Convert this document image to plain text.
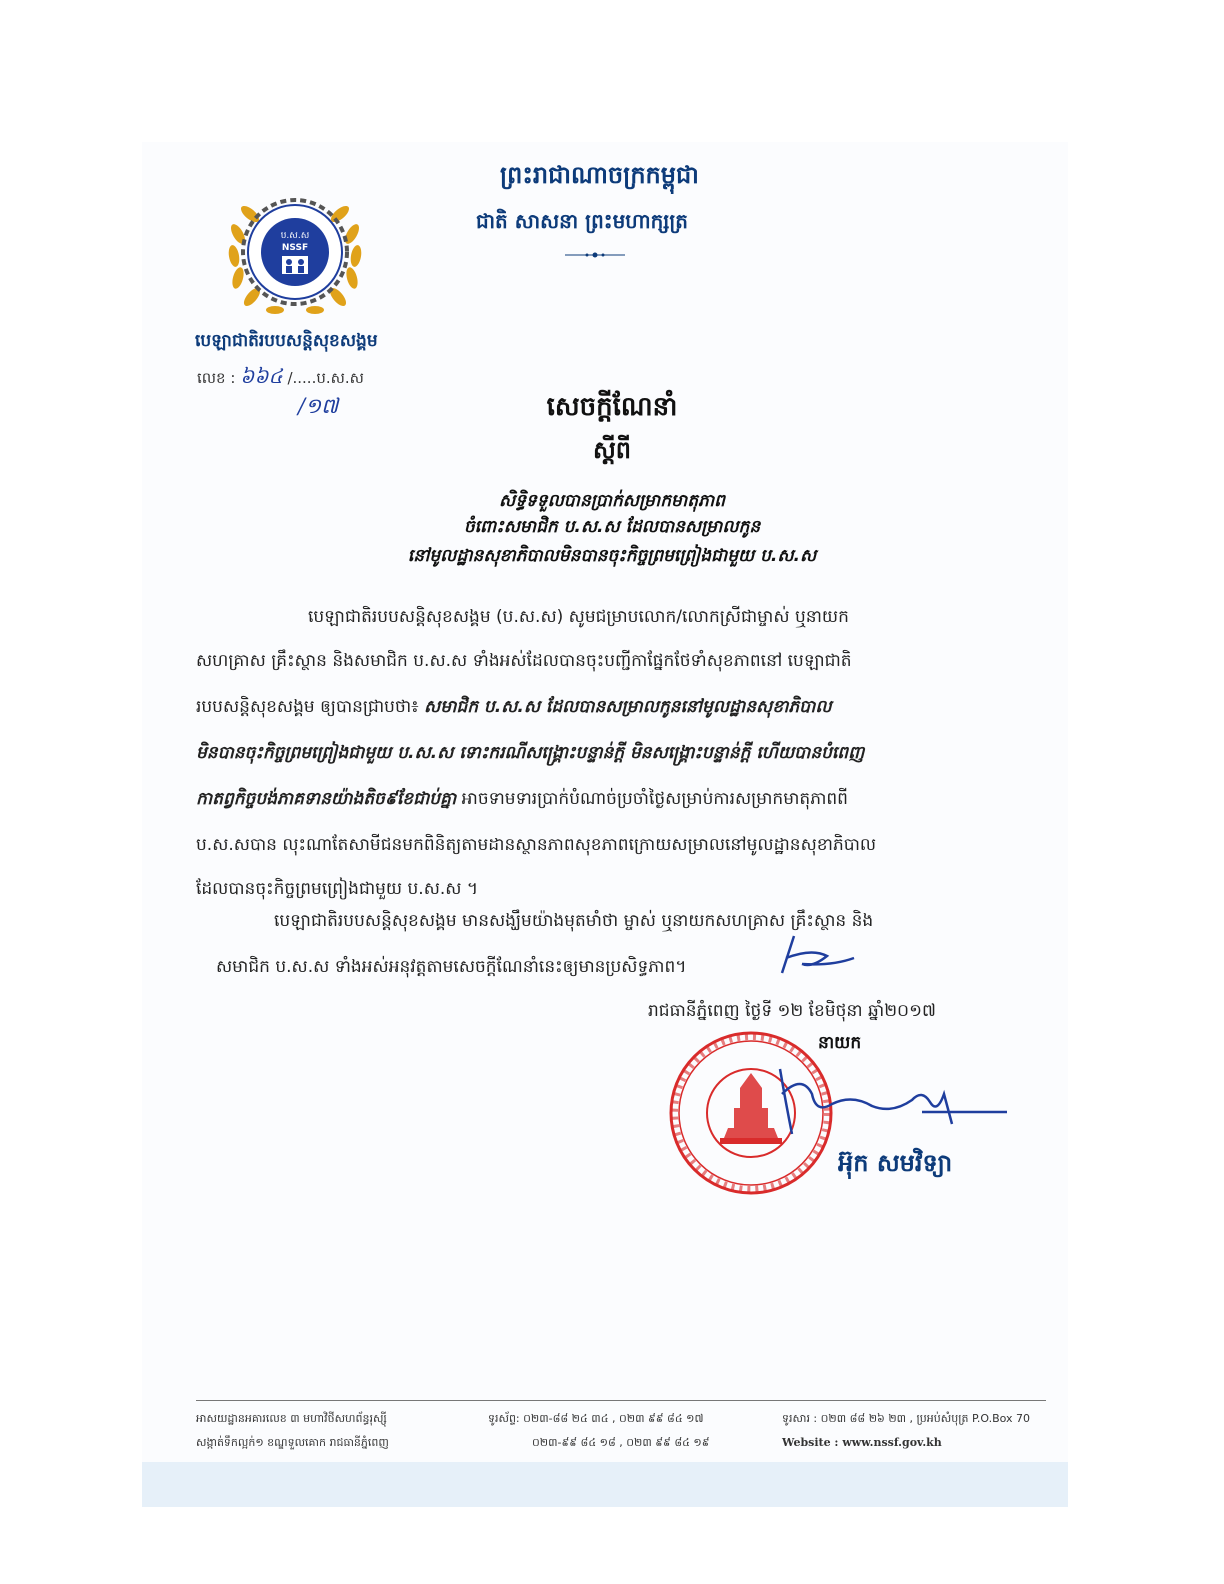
ព្រះរាជាណាចក្រកម្ពុជា
ជាតិ សាសនា ព្រះមហាក្សត្រ
ប.ស.ស
NSSF
បេឡាជាតិរបបសន្តិសុខសង្គម
លេខ : ៦៦៤ /.....ប.ស.ស
/១៧	សេចក្តីណែនាំ
ស្តីពី
សិទ្ធិទទួលបានប្រាក់សម្រាកមាតុភាព
ចំពោះសមាជិក ប.ស.ស ដែលបានសម្រាលកូន
នៅមូលដ្ឋានសុខាភិបាលមិនបានចុះកិច្ចព្រមព្រៀងជាមួយ ប.ស.ស
បេឡាជាតិរបបសន្តិសុខសង្គម (ប.ស.ស) សូមជម្រាបលោក/លោកស្រីជាម្ចាស់ ឬនាយក
សហគ្រាស គ្រឹះស្ថាន និងសមាជិក ប.ស.ស ទាំងអស់ដែលបានចុះបញ្ជីកាផ្នែកថែទាំសុខភាពនៅ បេឡាជាតិ
របបសន្តិសុខសង្គម ឲ្យបានជ្រាបថា៖ សមាជិក ប.ស.ស ដែលបានសម្រាលកូននៅមូលដ្ឋានសុខាភិបាល
មិនបានចុះកិច្ចព្រមព្រៀងជាមួយ ប.ស.ស ទោះករណីសង្គ្រោះបន្ទាន់ក្តី មិនសង្គ្រោះបន្ទាន់ក្តី ហើយបានបំពេញ
កាតព្វកិច្ចបង់ភាគទានយ៉ាងតិច៩ខែជាប់គ្នា អាចទាមទារប្រាក់បំណាច់ប្រចាំថ្ងៃសម្រាប់ការសម្រាកមាតុភាពពី
ប.ស.សបាន លុះណាតែសាមីជនមកពិនិត្យតាមដានស្ថានភាពសុខភាពក្រោយសម្រាលនៅមូលដ្ឋានសុខាភិបាល
ដែលបានចុះកិច្ចព្រមព្រៀងជាមួយ ប.ស.ស ។
បេឡាជាតិរបបសន្តិសុខសង្គម មានសង្ឃឹមយ៉ាងមុតមាំថា ម្ចាស់ ឬនាយកសហគ្រាស គ្រឹះស្ថាន និង
សមាជិក ប.ស.ស ទាំងអស់អនុវត្តតាមសេចក្តីណែនាំនេះឲ្យមានប្រសិទ្ធភាព។
រាជធានីភ្នំពេញ ថ្ងៃទី ១២ ខែមិថុនា ឆ្នាំ២០១៧
នាយក
អ៊ុក សមវិទ្យា
អាសយដ្ឋានអគារលេខ ៣ មហាវិថីសហព័ន្ធរុស្ស៊ី
សង្កាត់ទឹកល្អក់១ ខណ្ឌទួលគោក រាជធានីភ្នំពេញ
ទូរស័ព្ទ: ០២៣-៨៨ ២៤ ៣៤ , ០២៣ ៩៩ ៨៤ ១៧
០២៣-៩៩ ៨៤ ១៨ , ០២៣ ៩៩ ៨៤ ១៩
ទូរសារ : ០២៣ ៨៨ ២៦ ២៣ , ប្រអប់សំបុត្រ P.O.Box 70
Website : www.nssf.gov.kh
